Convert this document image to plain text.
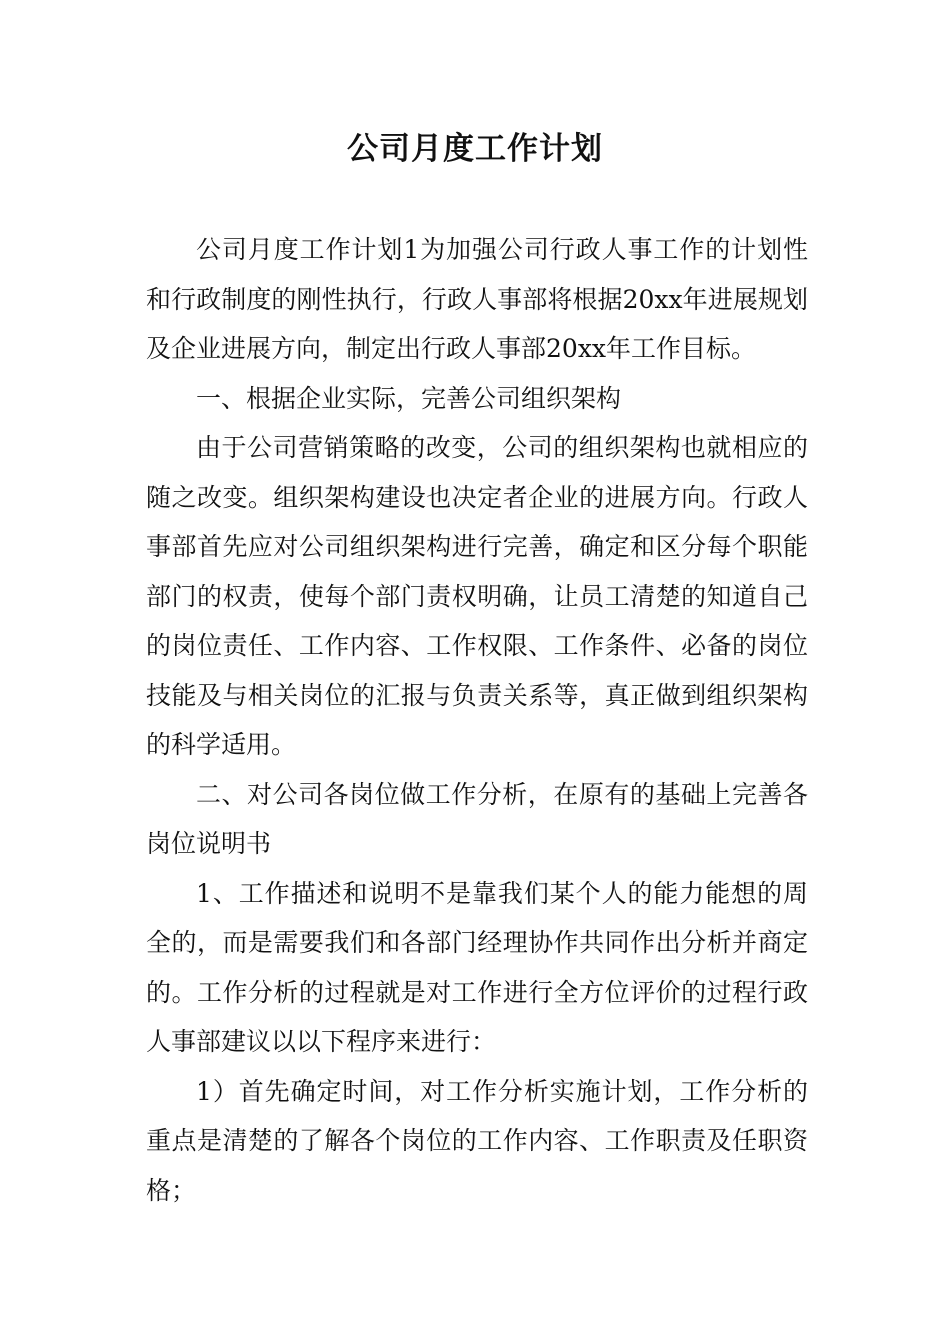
公司月度工作计划

公司月度工作计划1为加强公司行政人事工作的计划性和行政制度的刚性执行，行政人事部将根据20xx年进展规划及企业进展方向，制定出行政人事部20xx年工作目标。

一、根据企业实际，完善公司组织架构

由于公司营销策略的改变，公司的组织架构也就相应的随之改变。组织架构建设也决定者企业的进展方向。行政人事部首先应对公司组织架构进行完善，确定和区分每个职能部门的权责，使每个部门责权明确，让员工清楚的知道自己的岗位责任、工作内容、工作权限、工作条件、必备的岗位技能及与相关岗位的汇报与负责关系等，真正做到组织架构的科学适用。

二、对公司各岗位做工作分析，在原有的基础上完善各岗位说明书

1、工作描述和说明不是靠我们某个人的能力能想的周全的，而是需要我们和各部门经理协作共同作出分析并商定的。工作分析的过程就是对工作进行全方位评价的过程行政人事部建议以以下程序来进行：

1）首先确定时间，对工作分析实施计划，工作分析的重点是清楚的了解各个岗位的工作内容、工作职责及任职资格；
